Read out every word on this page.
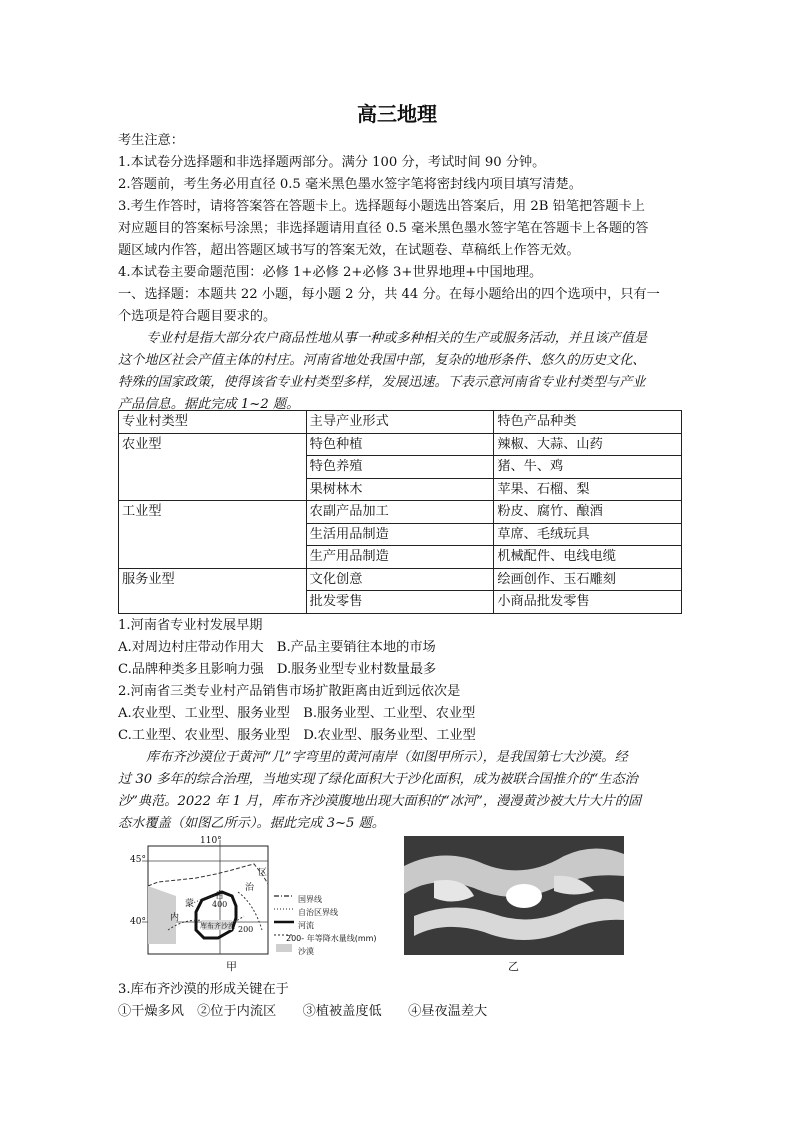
高三地理
考生注意：
1.本试卷分选择题和非选择题两部分。满分 100 分，考试时间 90 分钟。
2.答题前，考生务必用直径 0.5 毫米黑色墨水签字笔将密封线内项目填写清楚。
3.考生作答时，请将答案答在答题卡上。选择题每小题选出答案后，用 2B 铅笔把答题卡上
对应题目的答案标号涂黑；非选择题请用直径 0.5 毫米黑色墨水签字笔在答题卡上各题的答
题区域内作答，超出答题区域书写的答案无效，在试题卷、草稿纸上作答无效。
4.本试卷主要命题范围：必修 1+必修 2+必修 3+世界地理+中国地理。
一、选择题：本题共 22 小题，每小题 2 分，共 44 分。在每小题给出的四个选项中，只有一
个选项是符合题目要求的。
专业村是指大部分农户商品性地从事一种或多种相关的生产或服务活动，并且该产值是
这个地区社会产值主体的村庄。河南省地处我国中部，复杂的地形条件、悠久的历史文化、
特殊的国家政策，使得该省专业村类型多样，发展迅速。下表示意河南省专业村类型与产业
产品信息。据此完成 1~2 题。
专业村类型	主导产业形式	特色产品种类
农业型	特色种植	辣椒、大蒜、山药
	特色养殖	猪、牛、鸡
	果树林木	苹果、石榴、梨
工业型	农副产品加工	粉皮、腐竹、酿酒
	生活用品制造	草席、毛绒玩具
	生产用品制造	机械配件、电线电缆
服务业型	文化创意	绘画创作、玉石雕刻
	批发零售	小商品批发零售
1.河南省专业村发展早期
A.对周边村庄带动作用大　B.产品主要销往本地的市场
C.品牌种类多且影响力强　D.服务业型专业村数量最多
2.河南省三类专业村产品销售市场扩散距离由近到远依次是
A.农业型、工业型、服务业型　B.服务业型、工业型、农业型
C.工业型、农业型、服务业型　D.农业型、服务业型、工业型
库布齐沙漠位于黄河“几”字弯里的黄河南岸（如图甲所示），是我国第七大沙漠。经
过 30 多年的综合治理，当地实现了绿化面积大于沙化面积，成为被联合国推介的“生态治
沙”典范。2022 年 1 月，库布齐沙漠腹地出现大面积的“冰河”，漫漫黄沙被大片大片的固
态水覆盖（如图乙所示）。据此完成 3~5 题。
110°
45°
40°
区
治
自
蒙
内
400
200
库布齐沙漠
国界线
自治区界线
河流
200- 年等降水量线(mm)
沙漠
甲	乙
3.库布齐沙漠的形成关键在于
①干燥多风　②位于内流区　　③植被盖度低　　④昼夜温差大
